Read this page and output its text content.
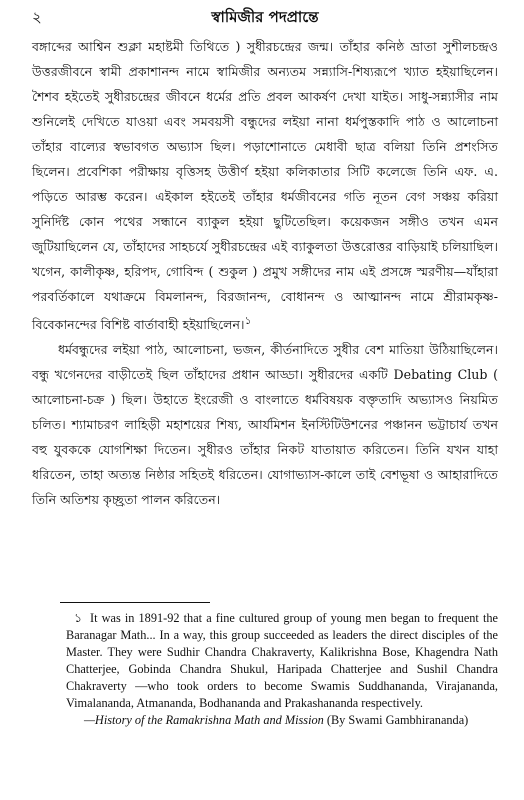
২	স্বামিজীর পদপ্রান্তে

বঙ্গাব্দের আশ্বিন শুক্লা মহাষ্টমী তিথিতে ) সুধীরচন্দ্রের জন্ম। তাঁহার কনিষ্ঠ ভ্রাতা সুশীলচন্দ্রও উত্তরজীবনে স্বামী প্রকাশানন্দ নামে স্বামিজীর অন্যতম সন্ন্যাসি-শিষ্যরূপে খ্যাত হইয়াছিলেন। শৈশব হইতেই সুধীরচন্দ্রের জীবনে ধর্মের প্রতি প্রবল আকর্ষণ দেখা যাইত। সাধু-সন্ন্যাসীর নাম শুনিলেই দেখিতে যাওয়া এবং সমবয়সী বন্ধুদের লইয়া নানা ধর্মপুস্তকাদি পাঠ ও আলোচনা তাঁহার বাল্যের স্বভাবগত অভ্যাস ছিল। পড়াশোনাতে মেধাবী ছাত্র বলিয়া তিনি প্রশংসিত ছিলেন। প্রবেশিকা পরীক্ষায় বৃত্তিসহ উত্তীর্ণ হইয়া কলিকাতার সিটি কলেজে তিনি এফ. এ. পড়িতে আরম্ভ করেন। এইকাল হইতেই তাঁহার ধর্মজীবনের গতি নূতন বেগ সঞ্চয় করিয়া সুনির্দিষ্ট কোন পথের সন্ধানে ব্যাকুল হইয়া ছুটিতেছিল। কয়েকজন সঙ্গীও তখন এমন জুটিয়াছিলেন যে, তাঁহাদের সাহচর্যে সুধীরচন্দ্রের এই ব্যাকুলতা উত্তরোত্তর বাড়িয়াই চলিয়াছিল। খগেন, কালীকৃষ্ণ, হরিপদ, গোবিন্দ ( শুকুল ) প্রমুখ সঙ্গীদের নাম এই প্রসঙ্গে স্মরণীয়—যাঁহারা পরবর্তিকালে যথাক্রমে বিমলানন্দ, বিরজানন্দ, বোধানন্দ ও আত্মানন্দ নামে শ্রীরামকৃষ্ণ-বিবেকানন্দের বিশিষ্ট বার্তাবাহী হইয়াছিলেন।$^১$

ধর্মবন্ধুদের লইয়া পাঠ, আলোচনা, ভজন, কীর্তনাদিতে সুধীর বেশ মাতিয়া উঠিয়াছিলেন। বন্ধু খগেনদের বাড়ীতেই ছিল তাঁহাদের প্রধান আড্ডা। সুধীরদের একটি Debating Club ( আলোচনা-চক্র ) ছিল। উহাতে ইংরেজী ও বাংলাতে ধর্মবিষয়ক বক্তৃতাদি অভ্যাসও নিয়মিত চলিত। শ্যামাচরণ লাহিড়ী মহাশয়ের শিষ্য, আর্যমিশন ইনস্টিটিউশনের পঞ্চানন ভট্টাচার্য তখন বহু যুবককে যোগশিক্ষা দিতেন। সুধীরও তাঁহার নিকট যাতায়াত করিতেন। তিনি যখন যাহা ধরিতেন, তাহা অত্যন্ত নিষ্ঠার সহিতই ধরিতেন। যোগাভ্যাস-কালে তাই বেশভূষা ও আহারাদিতে তিনি অতিশয় কৃচ্ছ্রতা পালন করিতেন।

১ It was in 1891-92 that a fine cultured group of young men began to frequent the Baranagar Math... In a way, this group succeeded as leaders the direct disciples of the Master. They were Sudhir Chandra Chakraverty, Kalikrishna Bose, Khagendra Nath Chatterjee, Gobinda Chandra Shukul, Haripada Chatterjee and Sushil Chandra Chakraverty —who took orders to become Swamis Suddhananda, Virajananda, Vimalananda, Atmananda, Bodhananda and Prakashananda respectively.
—History of the Ramakrishna Math and Mission (By Swami Gambhirananda)
